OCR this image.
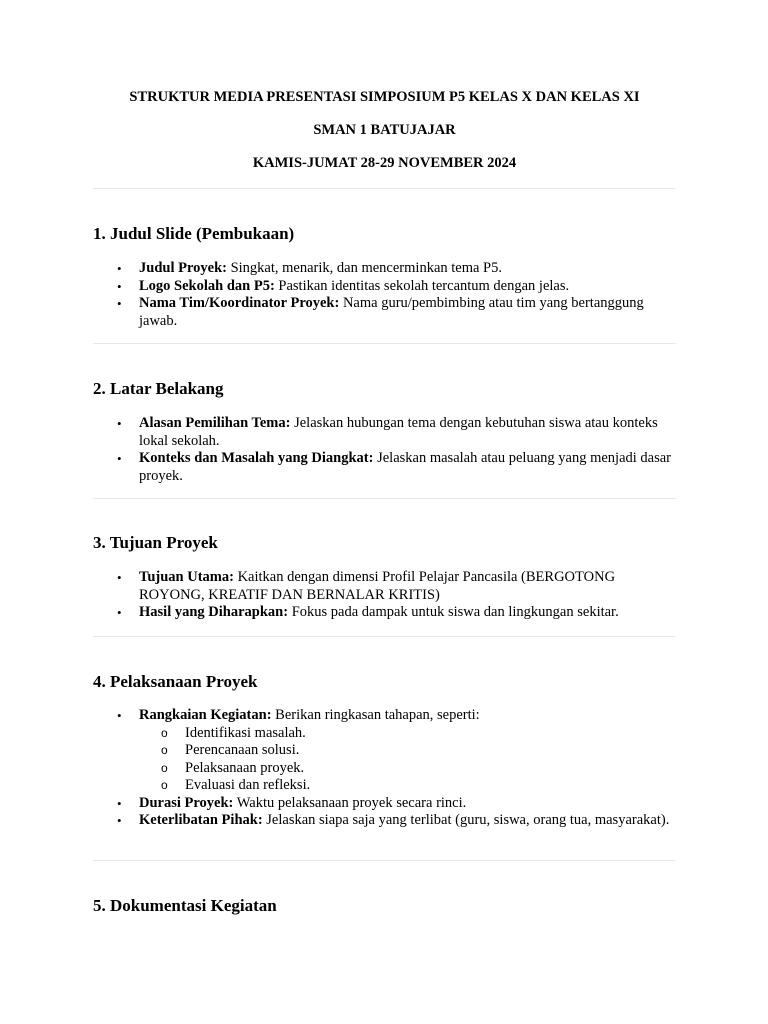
STRUKTUR MEDIA PRESENTASI SIMPOSIUM P5 KELAS X DAN KELAS XI
SMAN 1 BATUJAJAR
KAMIS-JUMAT 28-29 NOVEMBER 2024
1. Judul Slide (Pembukaan)
• Judul Proyek: Singkat, menarik, dan mencerminkan tema P5.
• Logo Sekolah dan P5: Pastikan identitas sekolah tercantum dengan jelas.
• Nama Tim/Koordinator Proyek: Nama guru/pembimbing atau tim yang bertanggung jawab.
2. Latar Belakang
• Alasan Pemilihan Tema: Jelaskan hubungan tema dengan kebutuhan siswa atau konteks lokal sekolah.
• Konteks dan Masalah yang Diangkat: Jelaskan masalah atau peluang yang menjadi dasar proyek.
3. Tujuan Proyek
• Tujuan Utama: Kaitkan dengan dimensi Profil Pelajar Pancasila (BERGOTONG ROYONG, KREATIF DAN BERNALAR KRITIS)
• Hasil yang Diharapkan: Fokus pada dampak untuk siswa dan lingkungan sekitar.
4. Pelaksanaan Proyek
• Rangkaian Kegiatan: Berikan ringkasan tahapan, seperti:
o Identifikasi masalah.
o Perencanaan solusi.
o Pelaksanaan proyek.
o Evaluasi dan refleksi.
• Durasi Proyek: Waktu pelaksanaan proyek secara rinci.
• Keterlibatan Pihak: Jelaskan siapa saja yang terlibat (guru, siswa, orang tua, masyarakat).
5. Dokumentasi Kegiatan
